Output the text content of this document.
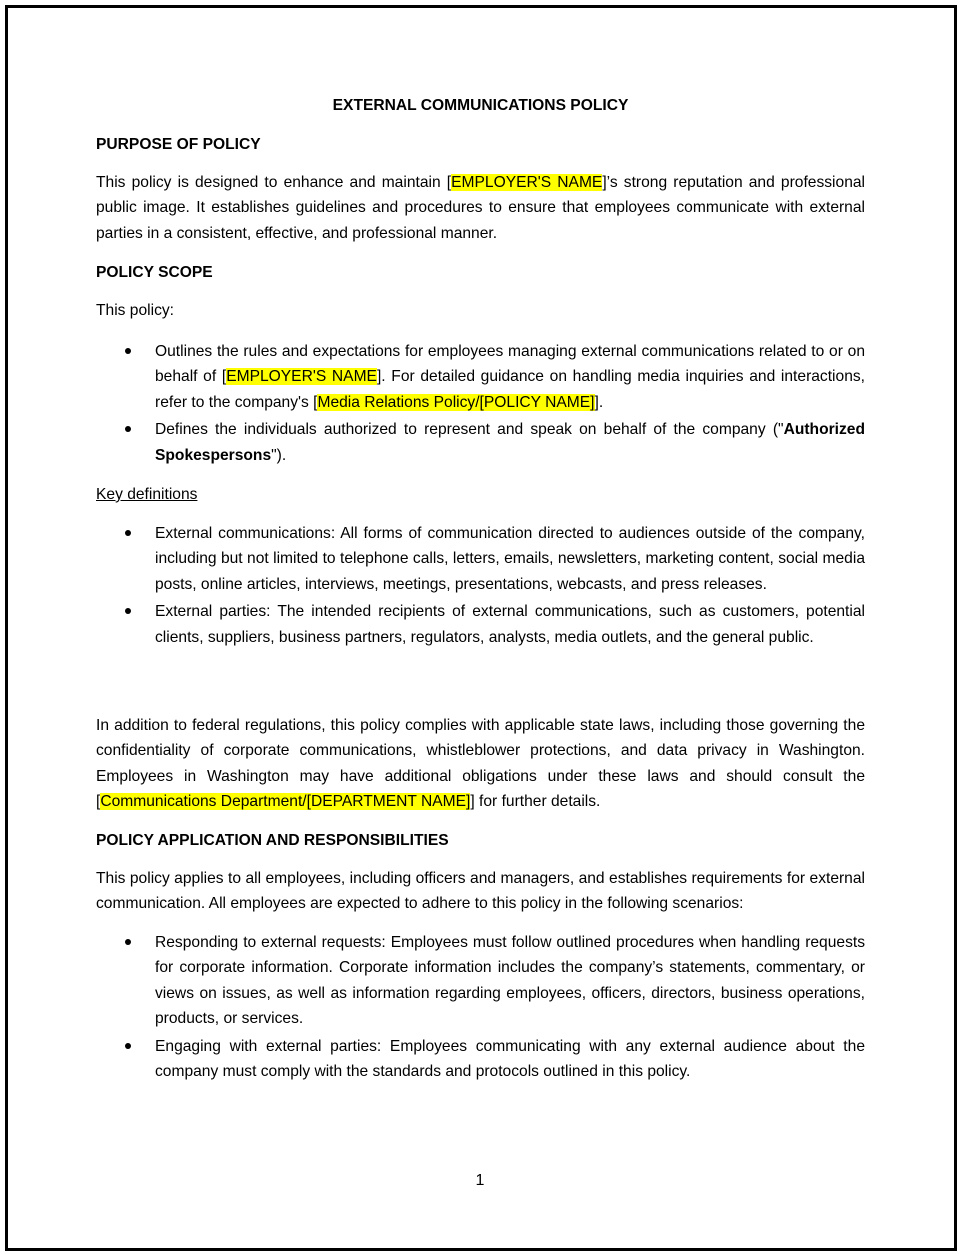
EXTERNAL COMMUNICATIONS POLICY
PURPOSE OF POLICY

This policy is designed to enhance and maintain [EMPLOYER'S NAME]’s strong reputation and professional public image. It establishes guidelines and procedures to ensure that employees communicate with external parties in a consistent, effective, and professional manner.

POLICY SCOPE

This policy:

Outlines the rules and expectations for employees managing external communications related to or on behalf of [EMPLOYER'S NAME]. For detailed guidance on handling media inquiries and interactions, refer to the company's [Media Relations Policy/[POLICY NAME]].
Defines the individuals authorized to represent and speak on behalf of the company ("Authorized Spokespersons").

Key definitions

External communications: All forms of communication directed to audiences outside of the company, including but not limited to telephone calls, letters, emails, newsletters, marketing content, social media posts, online articles, interviews, meetings, presentations, webcasts, and press releases.
External parties: The intended recipients of external communications, such as customers, potential clients, suppliers, business partners, regulators, analysts, media outlets, and the general public.

In addition to federal regulations, this policy complies with applicable state laws, including those governing the confidentiality of corporate communications, whistleblower protections, and data privacy in Washington. Employees in Washington may have additional obligations under these laws and should consult the [Communications Department/[DEPARTMENT NAME]] for further details.

POLICY APPLICATION AND RESPONSIBILITIES

This policy applies to all employees, including officers and managers, and establishes requirements for external communication. All employees are expected to adhere to this policy in the following scenarios:

Responding to external requests: Employees must follow outlined procedures when handling requests for corporate information. Corporate information includes the company’s statements, commentary, or views on issues, as well as information regarding employees, officers, directors, business operations, products, or services.
Engaging with external parties: Employees communicating with any external audience about the company must comply with the standards and protocols outlined in this policy.
1
